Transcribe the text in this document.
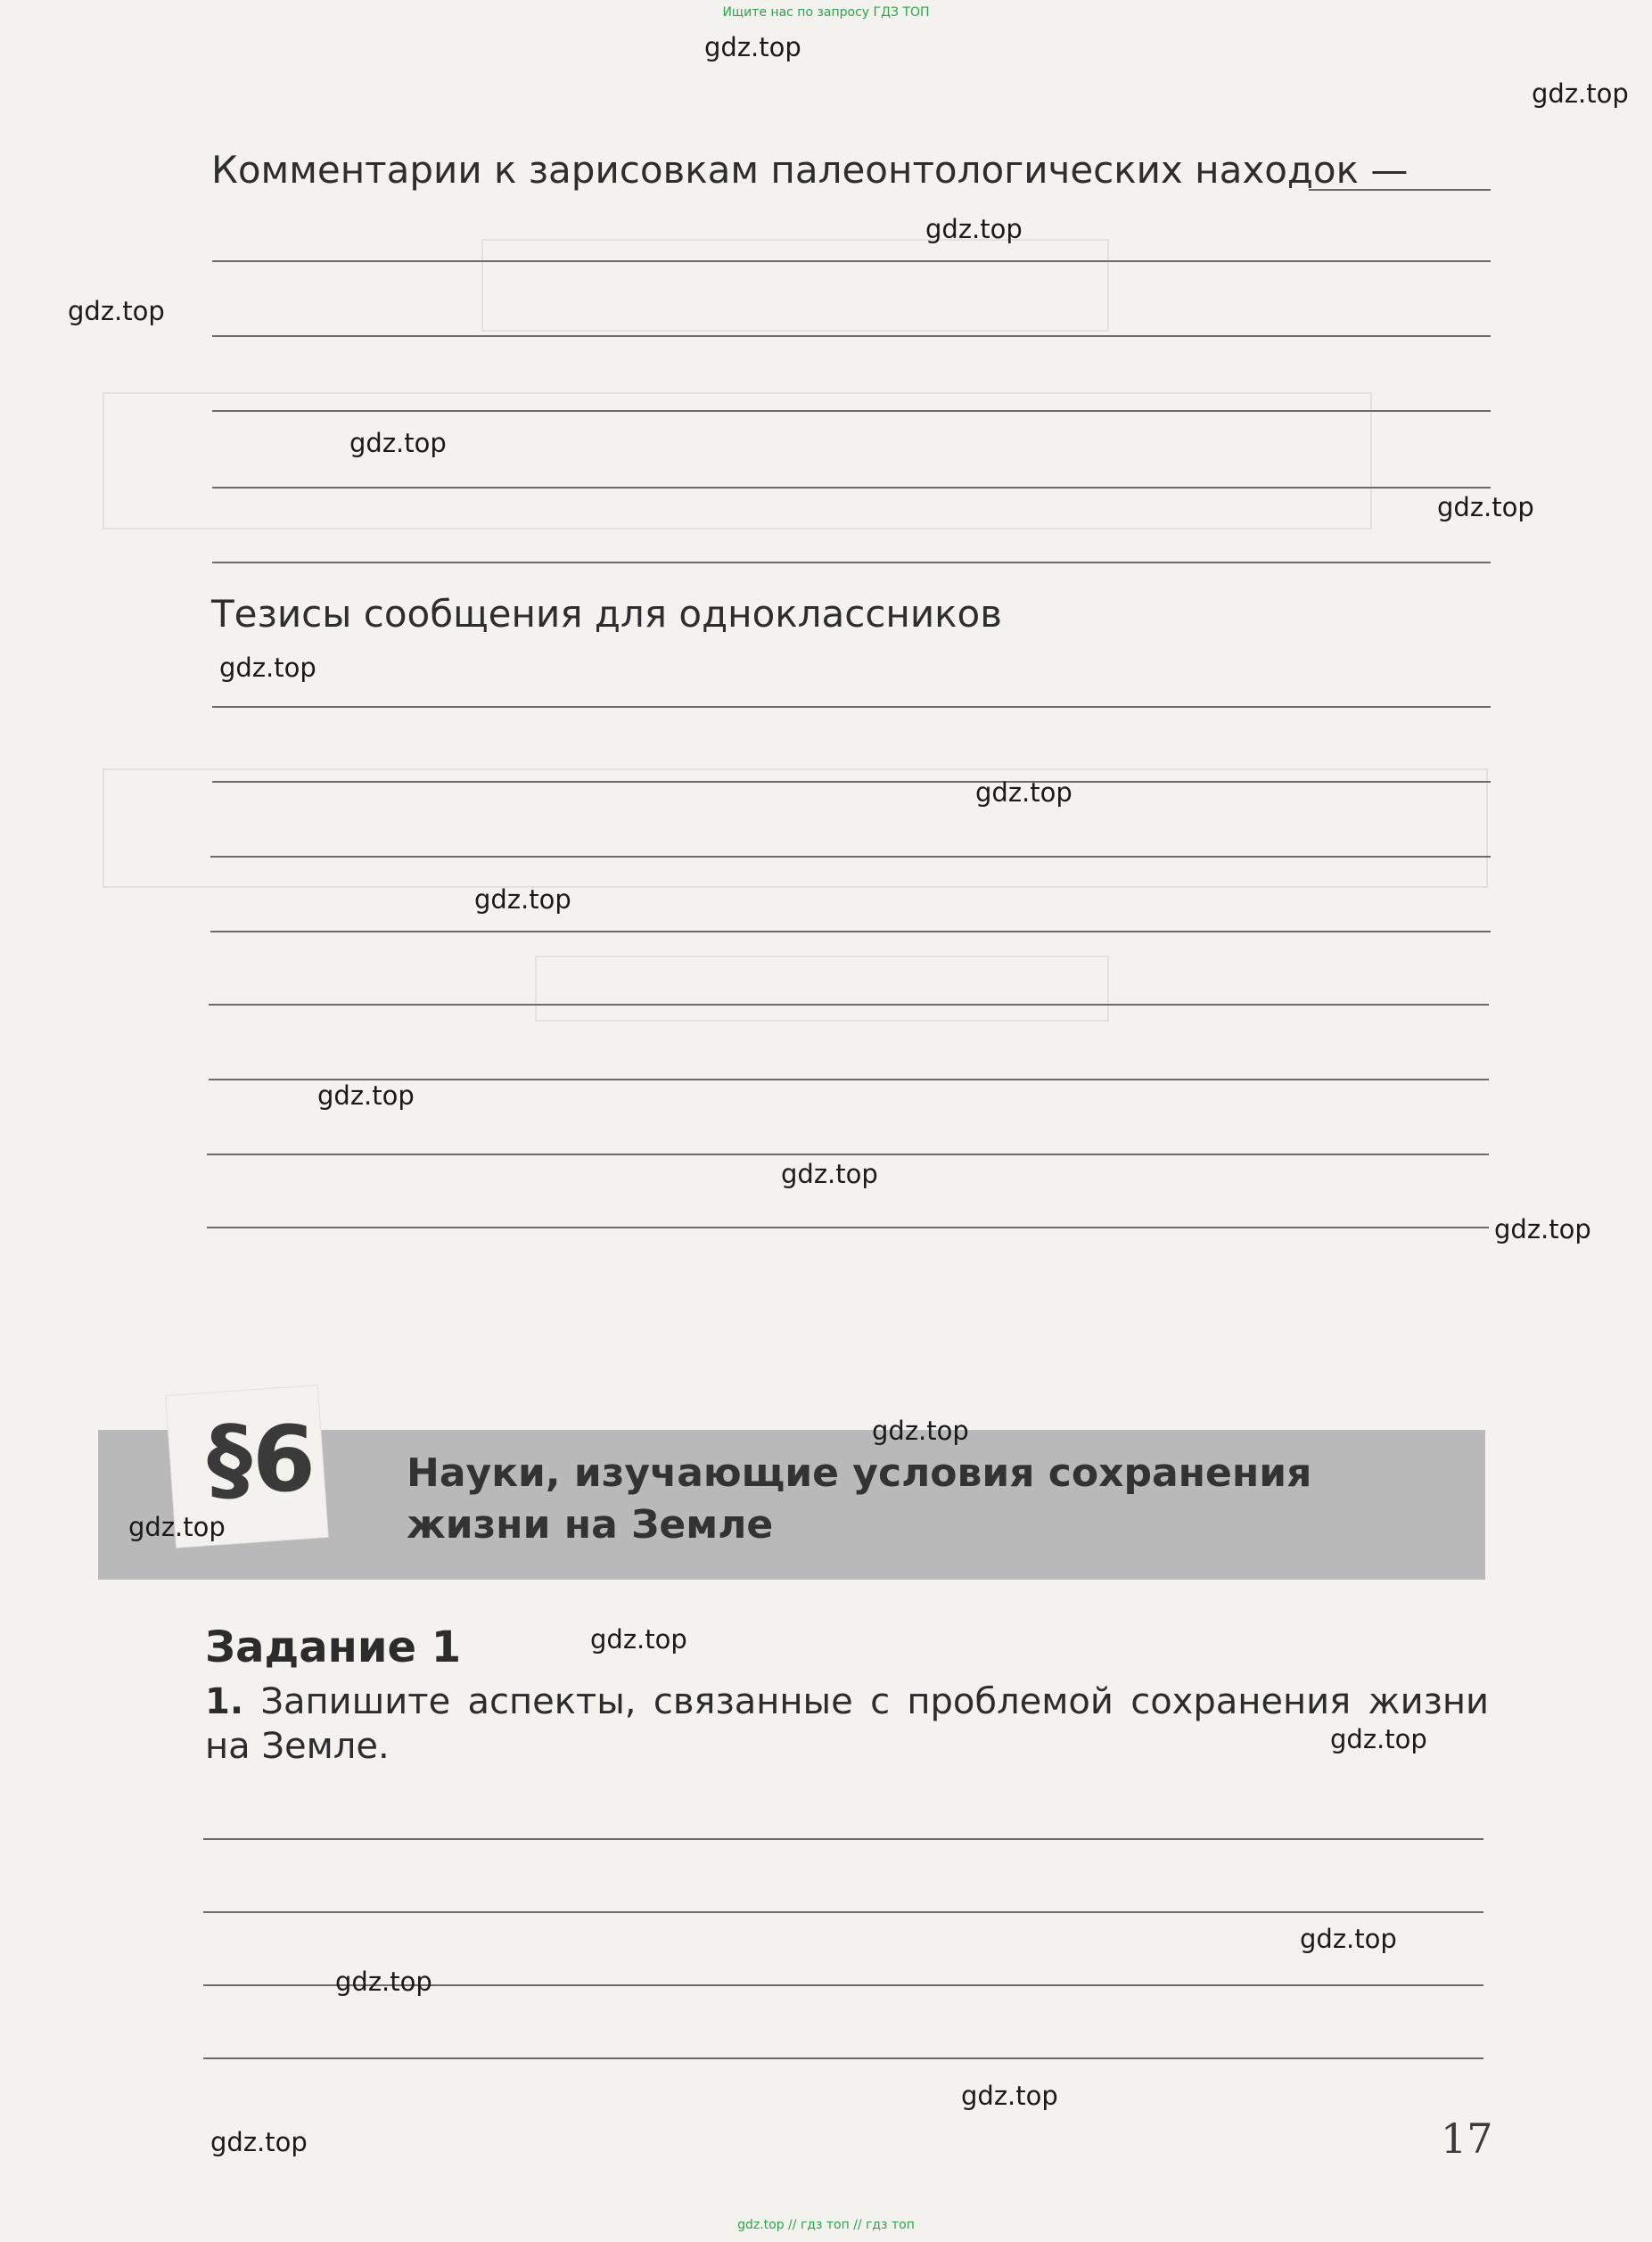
Ищите нас по запросу ГДЗ ТОП
Комментарии к зарисовкам палеонтологических находок —
Тезисы сообщения для одноклассников
§6 Науки, изучающие условия сохранения
жизни на Земле
Задание 1
1. Запишите аспекты, связанные с проблемой сохранения жизни на Земле.
17
gdz.top
gdz.top
gdz.top
gdz.top
gdz.top
gdz.top
gdz.top
gdz.top
gdz.top
gdz.top
gdz.top
gdz.top
gdz.top
gdz.top
gdz.top
gdz.top
gdz.top
gdz.top
gdz.top
gdz.top
gdz.top // гдз топ // гдз топ
